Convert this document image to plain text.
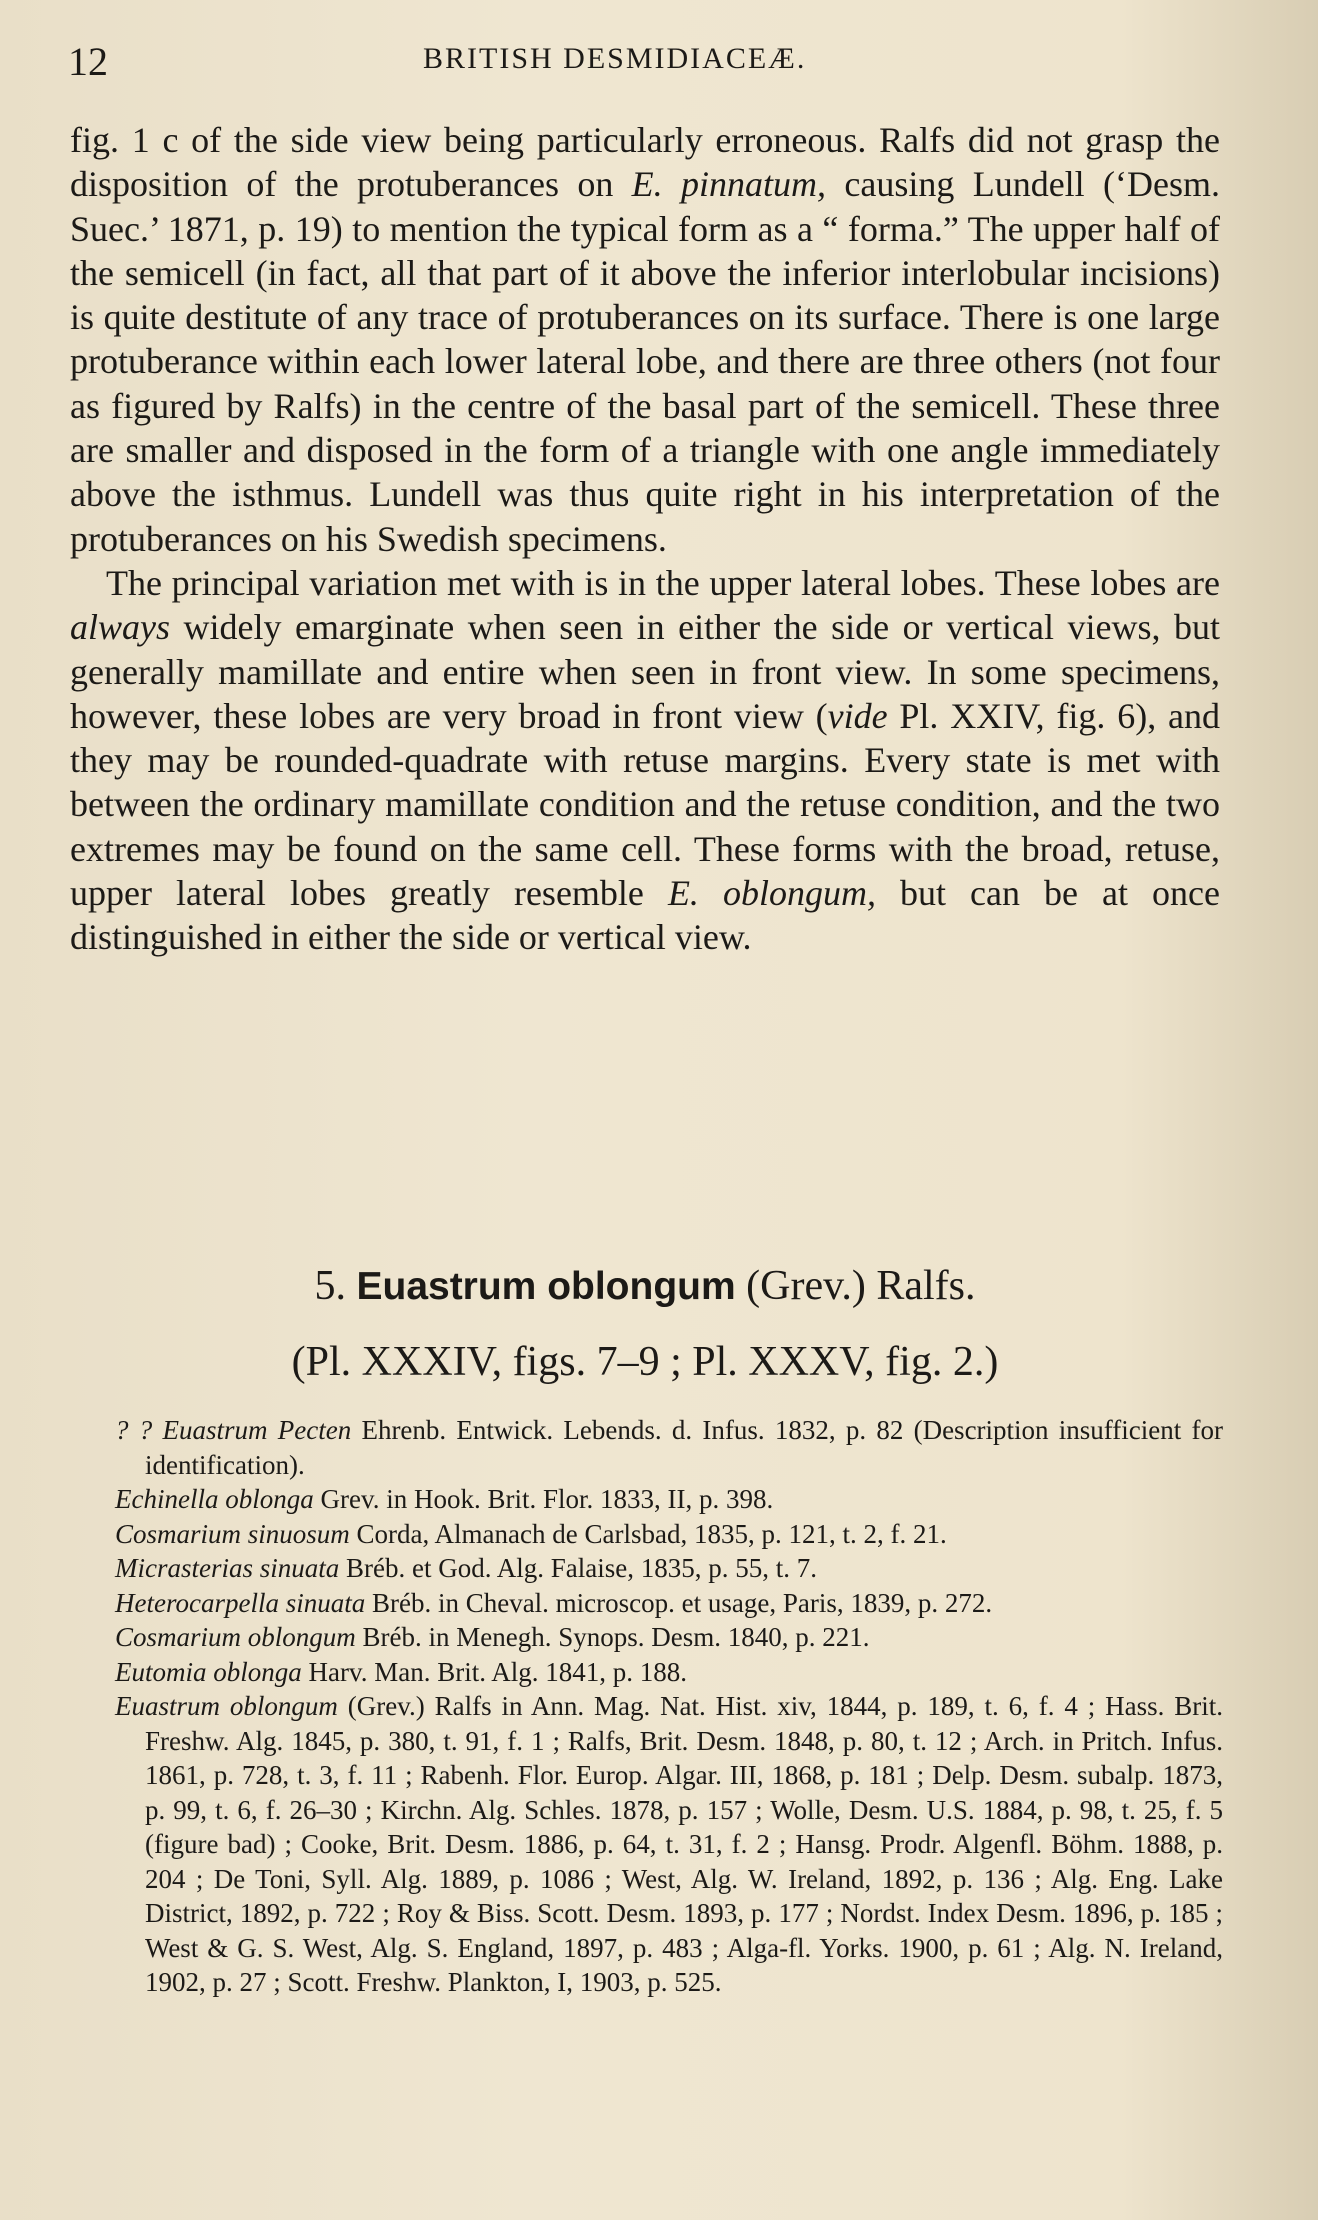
12	BRITISH DESMIDIACEÆ.

fig. 1 c of the side view being particularly erroneous. Ralfs did not grasp the disposition of the protuberances on E. pinnatum, causing Lundell (‘Desm. Suec.’ 1871, p. 19) to mention the typical form as a “ forma.” The upper half of the semicell (in fact, all that part of it above the inferior interlobular incisions) is quite destitute of any trace of protuberances on its surface. There is one large protuberance within each lower lateral lobe, and there are three others (not four as figured by Ralfs) in the centre of the basal part of the semicell. These three are smaller and disposed in the form of a triangle with one angle immediately above the isthmus. Lundell was thus quite right in his interpretation of the protuberances on his Swedish specimens.

The principal variation met with is in the upper lateral lobes. These lobes are always widely emarginate when seen in either the side or vertical views, but generally mamillate and entire when seen in front view. In some specimens, however, these lobes are very broad in front view (vide Pl. XXIV, fig. 6), and they may be rounded-quadrate with retuse margins. Every state is met with between the ordinary mamillate condition and the retuse condition, and the two extremes may be found on the same cell. These forms with the broad, retuse, upper lateral lobes greatly resemble E. oblongum, but can be at once distinguished in either the side or vertical view.

5. Euastrum oblongum (Grev.) Ralfs.
(Pl. XXXIV, figs. 7–9 ; Pl. XXXV, fig. 2.)
? ? Euastrum Pecten Ehrenb. Entwick. Lebends. d. Infus. 1832, p. 82 (Description insufficient for identification).
Echinella oblonga Grev. in Hook. Brit. Flor. 1833, II, p. 398.
Cosmarium sinuosum Corda, Almanach de Carlsbad, 1835, p. 121, t. 2, f. 21.
Micrasterias sinuata Bréb. et God. Alg. Falaise, 1835, p. 55, t. 7.
Heterocarpella sinuata Bréb. in Cheval. microscop. et usage, Paris, 1839, p. 272.
Cosmarium oblongum Bréb. in Menegh. Synops. Desm. 1840, p. 221.
Eutomia oblonga Harv. Man. Brit. Alg. 1841, p. 188.
Euastrum oblongum (Grev.) Ralfs in Ann. Mag. Nat. Hist. xiv, 1844, p. 189, t. 6, f. 4 ; Hass. Brit. Freshw. Alg. 1845, p. 380, t. 91, f. 1 ; Ralfs, Brit. Desm. 1848, p. 80, t. 12 ; Arch. in Pritch. Infus. 1861, p. 728, t. 3, f. 11 ; Rabenh. Flor. Europ. Algar. III, 1868, p. 181 ; Delp. Desm. subalp. 1873, p. 99, t. 6, f. 26–30 ; Kirchn. Alg. Schles. 1878, p. 157 ; Wolle, Desm. U.S. 1884, p. 98, t. 25, f. 5 (figure bad) ; Cooke, Brit. Desm. 1886, p. 64, t. 31, f. 2 ; Hansg. Prodr. Algenfl. Böhm. 1888, p. 204 ; De Toni, Syll. Alg. 1889, p. 1086 ; West, Alg. W. Ireland, 1892, p. 136 ; Alg. Eng. Lake District, 1892, p. 722 ; Roy & Biss. Scott. Desm. 1893, p. 177 ; Nordst. Index Desm. 1896, p. 185 ; West & G. S. West, Alg. S. England, 1897, p. 483 ; Alga-fl. Yorks. 1900, p. 61 ; Alg. N. Ireland, 1902, p. 27 ; Scott. Freshw. Plankton, I, 1903, p. 525.
